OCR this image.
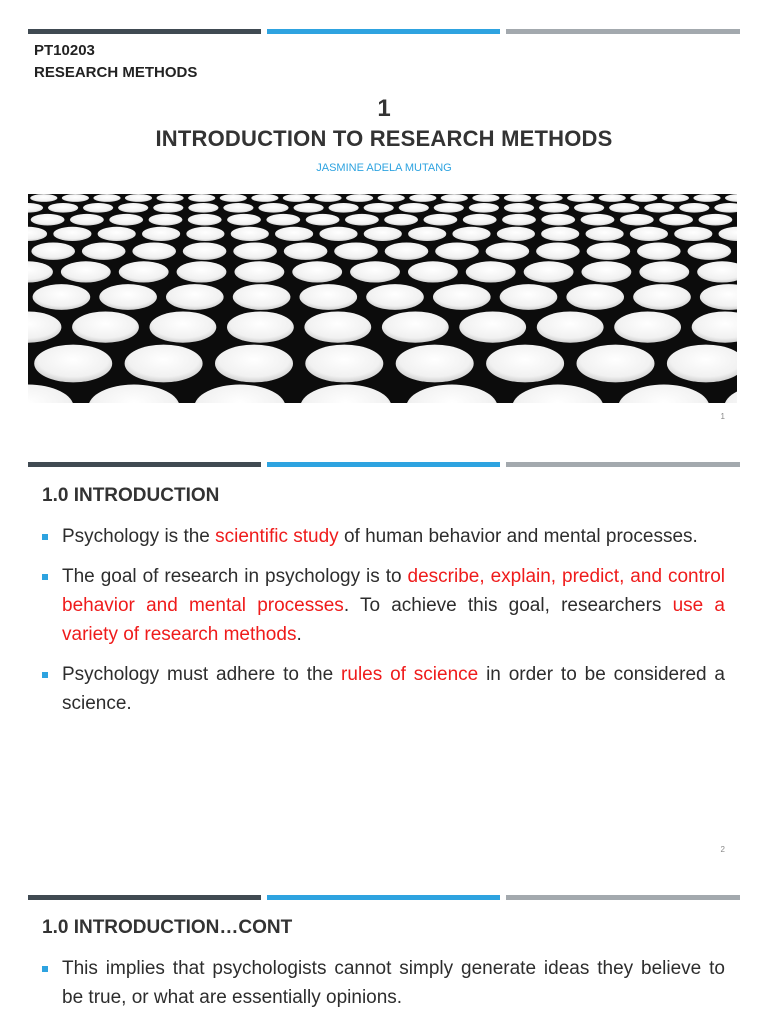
PT10203
RESEARCH METHODS
1
INTRODUCTION TO RESEARCH METHODS
JASMINE ADELA MUTANG
1
1.0 INTRODUCTION
Psychology is the scientific study of human behavior and mental processes.
The goal of research in psychology is to describe, explain, predict, and control behavior and mental processes. To achieve this goal, researchers use a variety of research methods.
Psychology must adhere to the rules of science in order to be considered a science.
2
1.0 INTRODUCTION…CONT
This implies that psychologists cannot simply generate ideas they believe to be true, or what are essentially opinions.
